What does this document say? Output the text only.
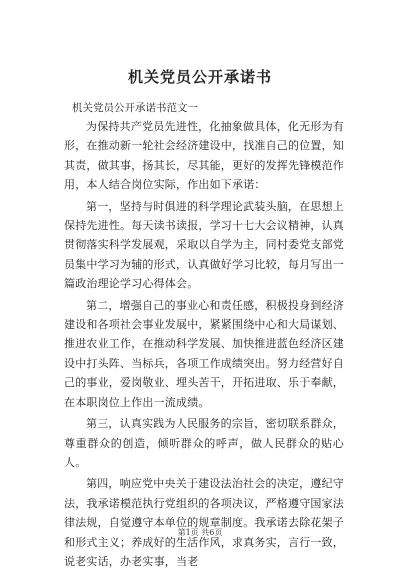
机关党员公开承诺书
机关党员公开承诺书范文一

为保持共产党员先进性，化抽象做具体，化无形为有形，在推动新一轮社会经济建设中，找准自己的位置，知其责，做其事，扬其长，尽其能，更好的发挥先锋模范作用，本人结合岗位实际，作出如下承诺：

第一，坚持与时俱进的科学理论武装头脑，在思想上保持先进性。每天读书读报，学习十七大会议精神，认真贯彻落实科学发展观，采取以自学为主，同村委党支部党员集中学习为辅的形式，认真做好学习比较，每月写出一篇政治理论学习心得体会。

第二，增强自己的事业心和责任感，积极投身到经济建设和各项社会事业发展中，紧紧围绕中心和大局谋划、推进农业工作，在推动科学发展、加快推进蓝色经济区建设中打头阵、当标兵，各项工作成绩突出。努力经营好自己的事业，爱岗敬业、埋头苦干，开拓进取、乐于奉献，在本职岗位上作出一流成绩。

第三，认真实践为人民服务的宗旨，密切联系群众，尊重群众的创造，倾听群众的呼声，做人民群众的贴心人。

第四，响应党中央关于建设法治社会的决定，遵纪守法，我承诺模范执行党组织的各项决议，严格遵守国家法律法规，自觉遵守本单位的规章制度。我承诺去除花架子和形式主义；养成好的生活作风，求真务实，言行一致，说老实话，办老实事，当老

第1页 共6页
